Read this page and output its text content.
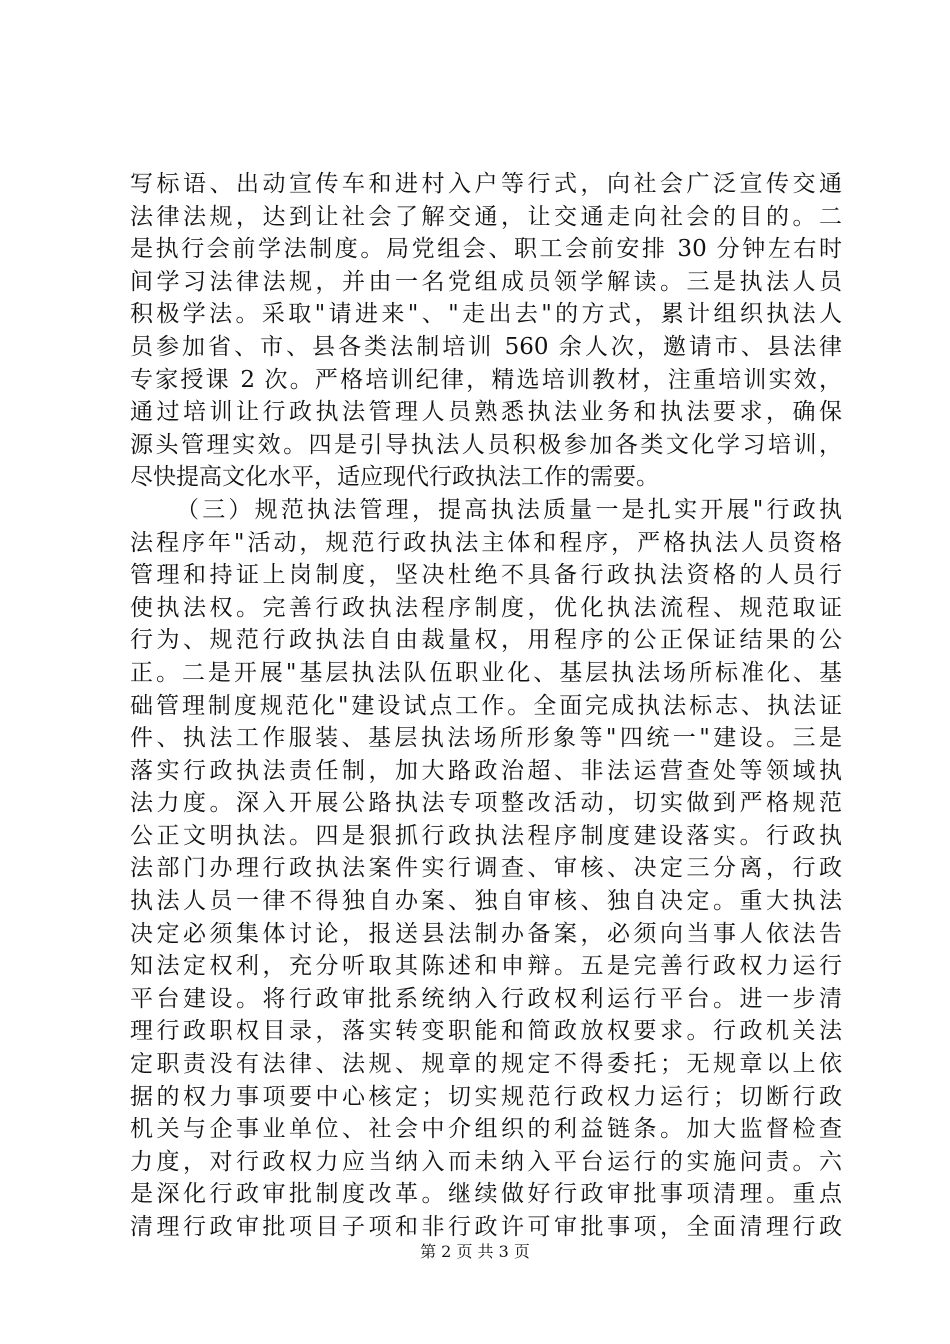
写标语、出动宣传车和进村入户等行式，向社会广泛宣传交通
法律法规，达到让社会了解交通，让交通走向社会的目的。二
是执行会前学法制度。局党组会、职工会前安排 30 分钟左右时
间学习法律法规，并由一名党组成员领学解读。三是执法人员
积极学法。采取"请进来"、"走出去"的方式，累计组织执法人
员参加省、市、县各类法制培训 560 余人次，邀请市、县法律
专家授课 2 次。严格培训纪律，精选培训教材，注重培训实效，
通过培训让行政执法管理人员熟悉执法业务和执法要求，确保
源头管理实效。四是引导执法人员积极参加各类文化学习培训，
尽快提高文化水平，适应现代行政执法工作的需要。
（三）规范执法管理，提高执法质量一是扎实开展"行政执
法程序年"活动，规范行政执法主体和程序，严格执法人员资格
管理和持证上岗制度，坚决杜绝不具备行政执法资格的人员行
使执法权。完善行政执法程序制度，优化执法流程、规范取证
行为、规范行政执法自由裁量权，用程序的公正保证结果的公
正。二是开展"基层执法队伍职业化、基层执法场所标准化、基
础管理制度规范化"建设试点工作。全面完成执法标志、执法证
件、执法工作服装、基层执法场所形象等"四统一"建设。三是
落实行政执法责任制，加大路政治超、非法运营查处等领域执
法力度。深入开展公路执法专项整改活动，切实做到严格规范
公正文明执法。四是狠抓行政执法程序制度建设落实。行政执
法部门办理行政执法案件实行调查、审核、决定三分离，行政
执法人员一律不得独自办案、独自审核、独自决定。重大执法
决定必须集体讨论，报送县法制办备案，必须向当事人依法告
知法定权利，充分听取其陈述和申辩。五是完善行政权力运行
平台建设。将行政审批系统纳入行政权利运行平台。进一步清
理行政职权目录，落实转变职能和简政放权要求。行政机关法
定职责没有法律、法规、规章的规定不得委托；无规章以上依
据的权力事项要中心核定；切实规范行政权力运行；切断行政
机关与企事业单位、社会中介组织的利益链条。加大监督检查
力度，对行政权力应当纳入而未纳入平台运行的实施问责。六
是深化行政审批制度改革。继续做好行政审批事项清理。重点
清理行政审批项目子项和非行政许可审批事项，全面清理行政
第 2 页 共 3 页
